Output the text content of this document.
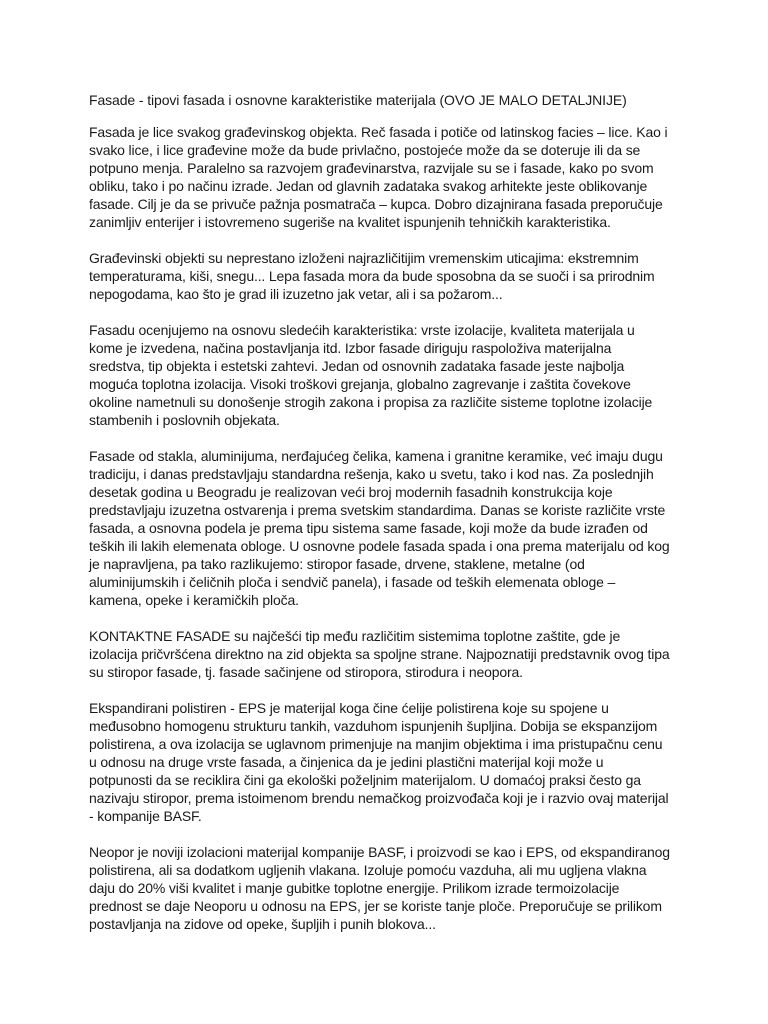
Fasade - tipovi fasada i osnovne karakteristike materijala (OVO JE MALO DETALJNIJE)
Fasada je lice svakog građevinskog objekta. Reč fasada i potiče od latinskog facies – lice. Kao i
svako lice, i lice građevine može da bude privlačno, postojeće može da se doteruje ili da se
potpuno menja. Paralelno sa razvojem građevinarstva, razvijale su se i fasade, kako po svom
obliku, tako i po načinu izrade. Jedan od glavnih zadataka svakog arhitekte jeste oblikovanje
fasade. Cilj je da se privuče pažnja posmatrača – kupca. Dobro dizajnirana fasada preporučuje
zanimljiv enterijer i istovremeno sugeriše na kvalitet ispunjenih tehničkih karakteristika.
Građevinski objekti su neprestano izloženi najrazličitijim vremenskim uticajima: ekstremnim
temperaturama, kiši, snegu... Lepa fasada mora da bude sposobna da se suoči i sa prirodnim
nepogodama, kao što je grad ili izuzetno jak vetar, ali i sa požarom...
Fasadu ocenjujemo na osnovu sledećih karakteristika: vrste izolacije, kvaliteta materijala u
kome je izvedena, načina postavljanja itd. Izbor fasade diriguju raspoloživa materijalna
sredstva, tip objekta i estetski zahtevi. Jedan od osnovnih zadataka fasade jeste najbolja
moguća toplotna izolacija. Visoki troškovi grejanja, globalno zagrevanje i zaštita čovekove
okoline nametnuli su donošenje strogih zakona i propisa za različite sisteme toplotne izolacije
stambenih i poslovnih objekata.
Fasade od stakla, aluminijuma, nerđajućeg čelika, kamena i granitne keramike, već imaju dugu
tradiciju, i danas predstavljaju standardna rešenja, kako u svetu, tako i kod nas. Za poslednjih
desetak godina u Beogradu je realizovan veći broj modernih fasadnih konstrukcija koje
predstavljaju izuzetna ostvarenja i prema svetskim standardima. Danas se koriste različite vrste
fasada, a osnovna podela je prema tipu sistema same fasade, koji može da bude izrađen od
teških ili lakih elemenata obloge. U osnovne podele fasada spada i ona prema materijalu od kog
je napravljena, pa tako razlikujemo: stiropor fasade, drvene, staklene, metalne (od
aluminijumskih i čeličnih ploča i sendvič panela), i fasade od teških elemenata obloge –
kamena, opeke i keramičkih ploča.
KONTAKTNE FASADE su najčešći tip među različitim sistemima toplotne zaštite, gde je
izolacija pričvršćena direktno na zid objekta sa spoljne strane. Najpoznatiji predstavnik ovog tipa
su stiropor fasade, tj. fasade sačinjene od stiropora, stirodura i neopora.
Ekspandirani polistiren - EPS je materijal koga čine ćelije polistirena koje su spojene u
međusobno homogenu strukturu tankih, vazduhom ispunjenih šupljina. Dobija se ekspanzijom
polistirena, a ova izolacija se uglavnom primenjuje na manjim objektima i ima pristupačnu cenu
u odnosu na druge vrste fasada, a činjenica da je jedini plastični materijal koji može u
potpunosti da se reciklira čini ga ekološki poželjnim materijalom. U domaćoj praksi često ga
nazivaju stiropor, prema istoimenom brendu nemačkog proizvođača koji je i razvio ovaj materijal
- kompanije BASF.
Neopor je noviji izolacioni materijal kompanije BASF, i proizvodi se kao i EPS, od ekspandiranog
polistirena, ali sa dodatkom ugljenih vlakana. Izoluje pomoću vazduha, ali mu ugljena vlakna
daju do 20% viši kvalitet i manje gubitke toplotne energije. Prilikom izrade termoizolacije
prednost se daje Neoporu u odnosu na EPS, jer se koriste tanje ploče. Preporučuje se prilikom
postavljanja na zidove od opeke, šupljih i punih blokova...
